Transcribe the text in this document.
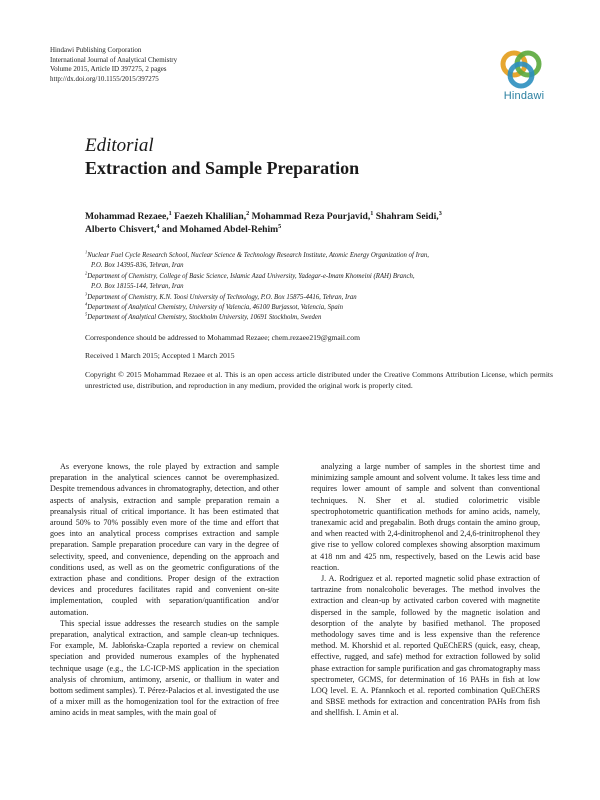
Hindawi Publishing Corporation
International Journal of Analytical Chemistry
Volume 2015, Article ID 397275, 2 pages
http://dx.doi.org/10.1155/2015/397275
Hindawi
Editorial
Extraction and Sample Preparation
Mohammad Rezaee,$^1$ Faezeh Khalilian,$^2$ Mohammad Reza Pourjavid,$^1$ Shahram Seidi,$^3$
Alberto Chisvert,$^4$ and Mohamed Abdel-Rehim$^5$
$^1$Nuclear Fuel Cycle Research School, Nuclear Science & Technology Research Institute, Atomic Energy Organization of Iran,
P.O. Box 14395-836, Tehran, Iran
$^2$Department of Chemistry, College of Basic Science, Islamic Azad University, Yadegar-e-Imam Khomeini (RAH) Branch,
P.O. Box 18155-144, Tehran, Iran
$^3$Department of Chemistry, K.N. Toosi University of Technology, P.O. Box 15875-4416, Tehran, Iran
$^4$Department of Analytical Chemistry, University of Valencia, 46100 Burjassot, Valencia, Spain
$^5$Department of Analytical Chemistry, Stockholm University, 10691 Stockholm, Sweden
Correspondence should be addressed to Mohammad Rezaee; chem.rezaee219@gmail.com
Received 1 March 2015; Accepted 1 March 2015
Copyright © 2015 Mohammad Rezaee et al. This is an open access article distributed under the Creative Commons Attribution License, which permits unrestricted use, distribution, and reproduction in any medium, provided the original work is properly cited.

As everyone knows, the role played by extraction and sample preparation in the analytical sciences cannot be overemphasized. Despite tremendous advances in chromatography, detection, and other aspects of analysis, extraction and sample preparation remain a preanalysis ritual of critical importance. It has been estimated that around 50% to 70% possibly even more of the time and effort that goes into an analytical process comprises extraction and sample preparation. Sample preparation procedure can vary in the degree of selectivity, speed, and convenience, depending on the approach and conditions used, as well as on the geometric configurations of the extraction phase and conditions. Proper design of the extraction devices and procedures facilitates rapid and convenient on-site implementation, coupled with separation/quantification and/or automation.

This special issue addresses the research studies on the sample preparation, analytical extraction, and sample clean-up techniques. For example, M. Jabłońska-Czapla reported a review on chemical speciation and provided numerous examples of the hyphenated technique usage (e.g., the LC-ICP-MS application in the speciation analysis of chromium, antimony, arsenic, or thallium in water and bottom sediment samples). T. Pérez-Palacios et al. investigated the use of a mixer mill as the homogenization tool for the extraction of free amino acids in meat samples, with the main goal of

analyzing a large number of samples in the shortest time and minimizing sample amount and solvent volume. It takes less time and requires lower amount of sample and solvent than conventional techniques. N. Sher et al. studied colorimetric visible spectrophotometric quantification methods for amino acids, namely, tranexamic acid and pregabalin. Both drugs contain the amino group, and when reacted with 2,4-dinitrophenol and 2,4,6-trinitrophenol they give rise to yellow colored complexes showing absorption maximum at 418 nm and 425 nm, respectively, based on the Lewis acid base reaction.

J. A. Rodriguez et al. reported magnetic solid phase extraction of tartrazine from nonalcoholic beverages. The method involves the extraction and clean-up by activated carbon covered with magnetite dispersed in the sample, followed by the magnetic isolation and desorption of the analyte by basified methanol. The proposed methodology saves time and is less expensive than the reference method. M. Khorshid et al. reported QuEChERS (quick, easy, cheap, effective, rugged, and safe) method for extraction followed by solid phase extraction for sample purification and gas chromatography mass spectrometer, GCMS, for determination of 16 PAHs in fish at low LOQ level. E. A. Pfannkoch et al. reported combination QuEChERS and SBSE methods for extraction and concentration PAHs from fish and shellfish. I. Amin et al.
